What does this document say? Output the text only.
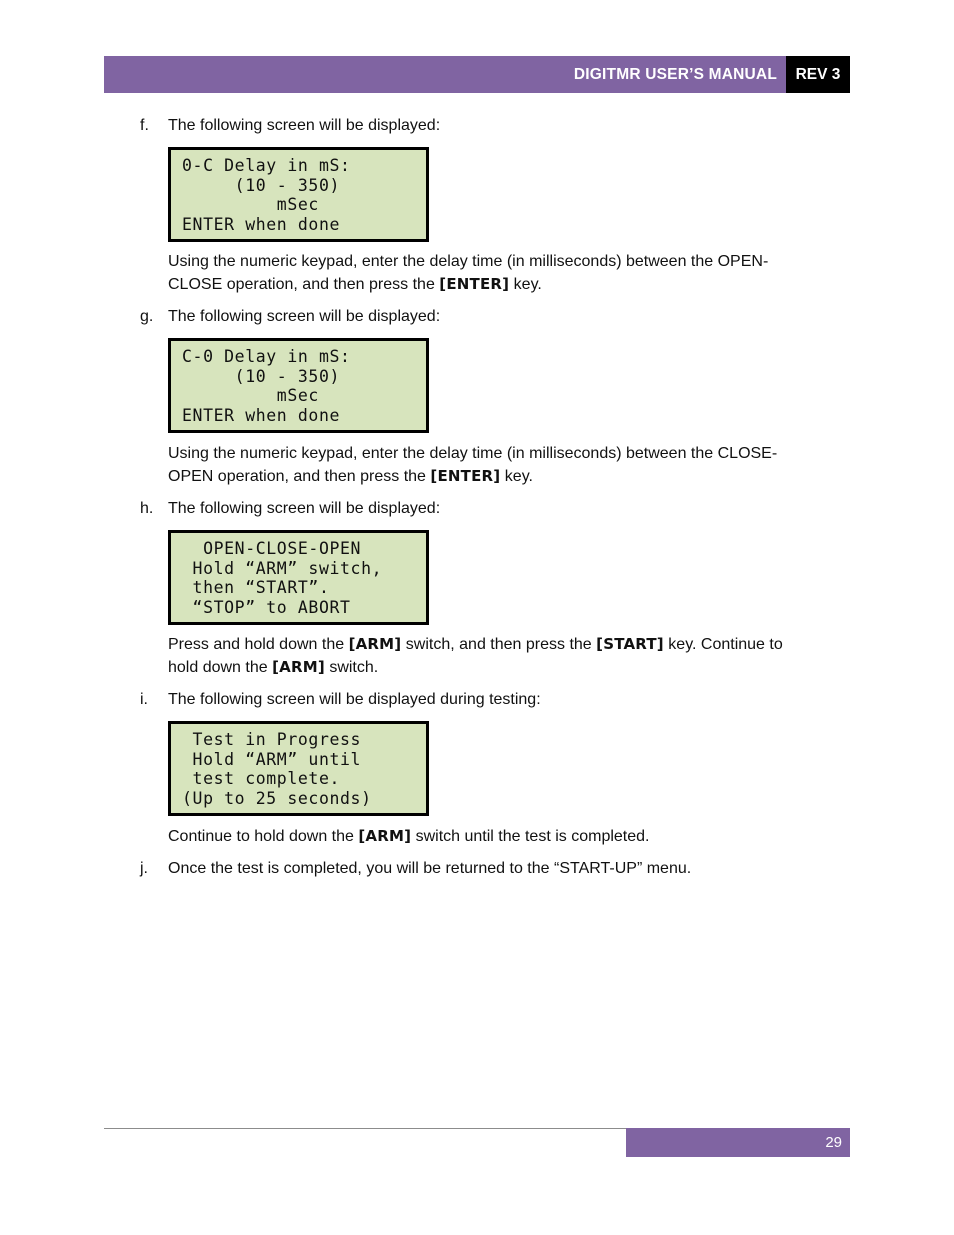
DIGITMR USER’S MANUAL	REV 3
f. The following screen will be displayed:
0-C Delay in mS:
(10 - 350)
mSec
ENTER when done
Using the numeric keypad, enter the delay time (in milliseconds) between the OPEN-
CLOSE operation, and then press the [ENTER] key.
g. The following screen will be displayed:
C-0 Delay in mS:
(10 - 350)
mSec
ENTER when done
Using the numeric keypad, enter the delay time (in milliseconds) between the CLOSE-
OPEN operation, and then press the [ENTER] key.
h. The following screen will be displayed:
OPEN-CLOSE-OPEN
Hold “ARM” switch,
then “START”.
“STOP” to ABORT
Press and hold down the [ARM] switch, and then press the [START] key. Continue to
hold down the [ARM] switch.
i. The following screen will be displayed during testing:
Test in Progress
Hold “ARM” until
test complete.
(Up to 25 seconds)
Continue to hold down the [ARM] switch until the test is completed.
j. Once the test is completed, you will be returned to the “START-UP” menu.
29
